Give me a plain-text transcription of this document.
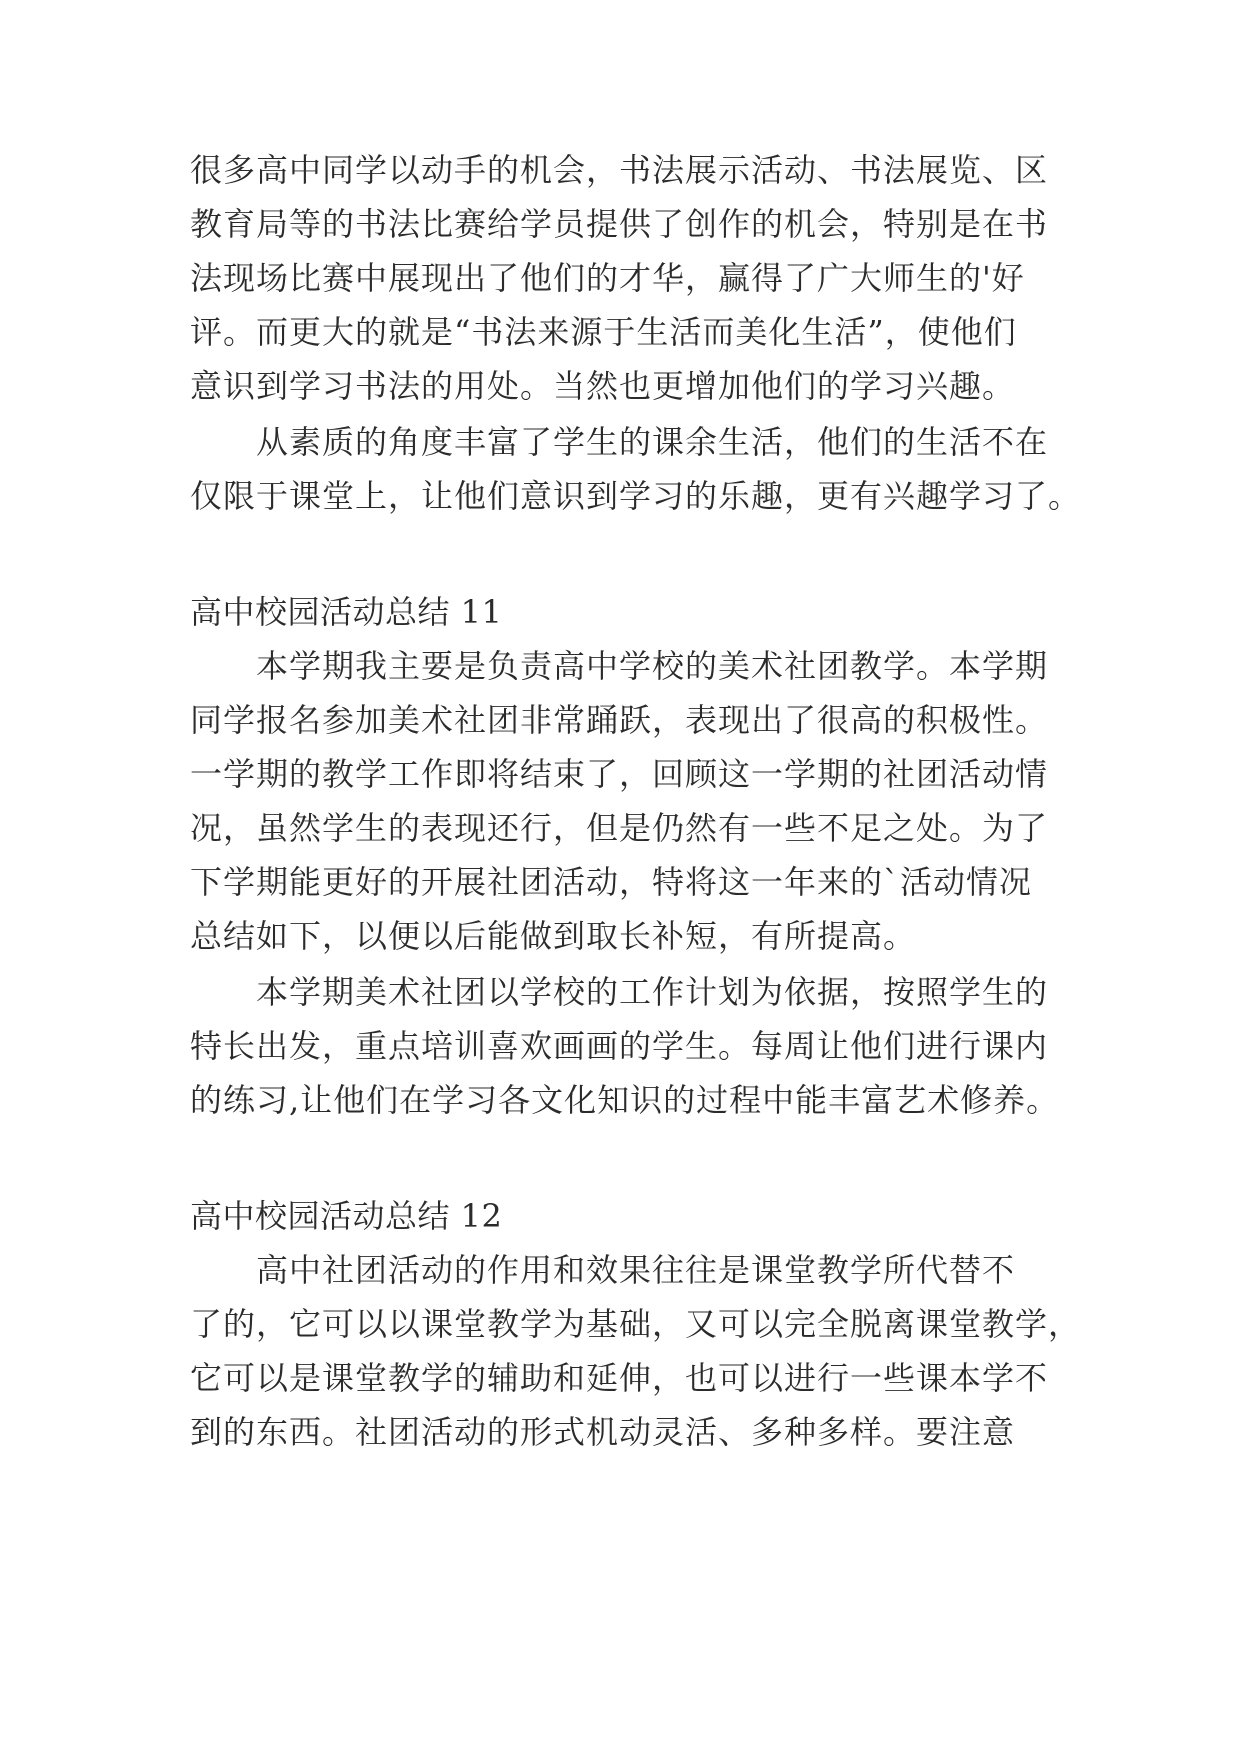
很多高中同学以动手的机会，书法展示活动、书法展览、区
教育局等的书法比赛给学员提供了创作的机会，特别是在书
法现场比赛中展现出了他们的才华，赢得了广大师生的'好
评。而更大的就是“书法来源于生活而美化生活”，使他们
意识到学习书法的用处。当然也更增加他们的学习兴趣。
从素质的角度丰富了学生的课余生活，他们的生活不在
仅限于课堂上，让他们意识到学习的乐趣，更有兴趣学习了。
高中校园活动总结 11
本学期我主要是负责高中学校的美术社团教学。本学期
同学报名参加美术社团非常踊跃，表现出了很高的积极性。
一学期的教学工作即将结束了，回顾这一学期的社团活动情
况，虽然学生的表现还行，但是仍然有一些不足之处。为了
下学期能更好的开展社团活动，特将这一年来的`活动情况
总结如下，以便以后能做到取长补短，有所提高。
本学期美术社团以学校的工作计划为依据，按照学生的
特长出发，重点培训喜欢画画的学生。每周让他们进行课内
的练习,让他们在学习各文化知识的过程中能丰富艺术修养。
高中校园活动总结 12
高中社团活动的作用和效果往往是课堂教学所代替不
了的，它可以以课堂教学为基础，又可以完全脱离课堂教学，
它可以是课堂教学的辅助和延伸，也可以进行一些课本学不
到的东西。社团活动的形式机动灵活、多种多样。要注意
